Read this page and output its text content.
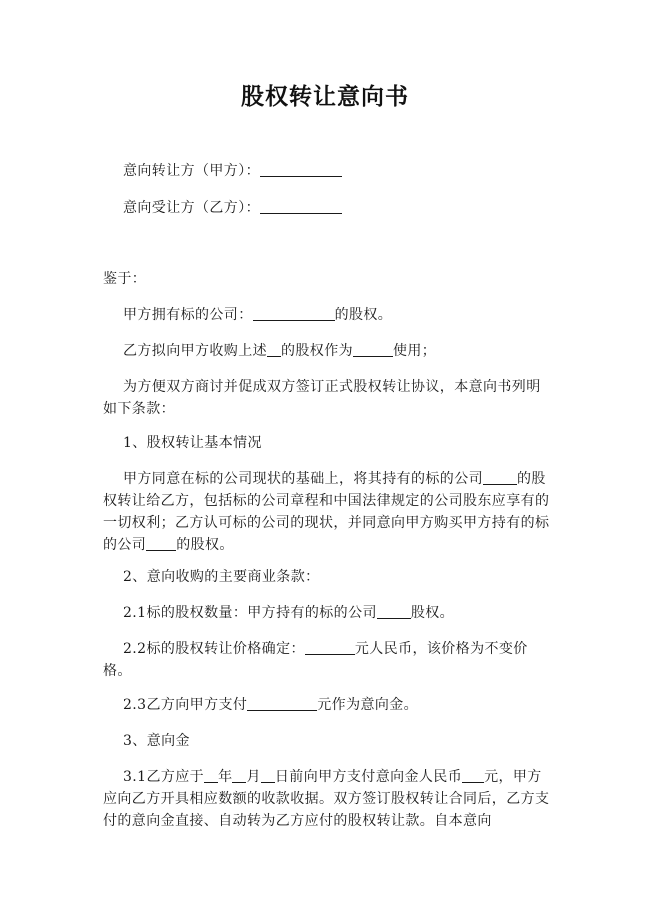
股权转让意向书

意向转让方（甲方）：

意向受让方（乙方）：

鉴于：

甲方拥有标的公司：	的股权。

乙方拟向甲方收购上述 的股权作为	使用；

为方便双方商讨并促成双方签订正式股权转让协议，本意向书列明如下条款：

1、股权转让基本情况

甲方同意在标的公司现状的基础上，将其持有的标的公司 的股权转让给乙方，包括标的公司章程和中国法律规定的公司股东应享有的一切权利；乙方认可标的公司的现状，并同意向甲方购买甲方持有的标的公司 的股权。

2、意向收购的主要商业条款：

2.1标的股权数量：甲方持有的标的公司 股权。

2.2标的股权转让价格确定：	元人民币，该价格为不变价格。

2.3乙方向甲方支付	元作为意向金。

3、意向金

3.1乙方应于 年 月 日前向甲方支付意向金人民币 元，甲方应向乙方开具相应数额的收款收据。双方签订股权转让合同后，乙方支付的意向金直接、自动转为乙方应付的股权转让款。自本意向
